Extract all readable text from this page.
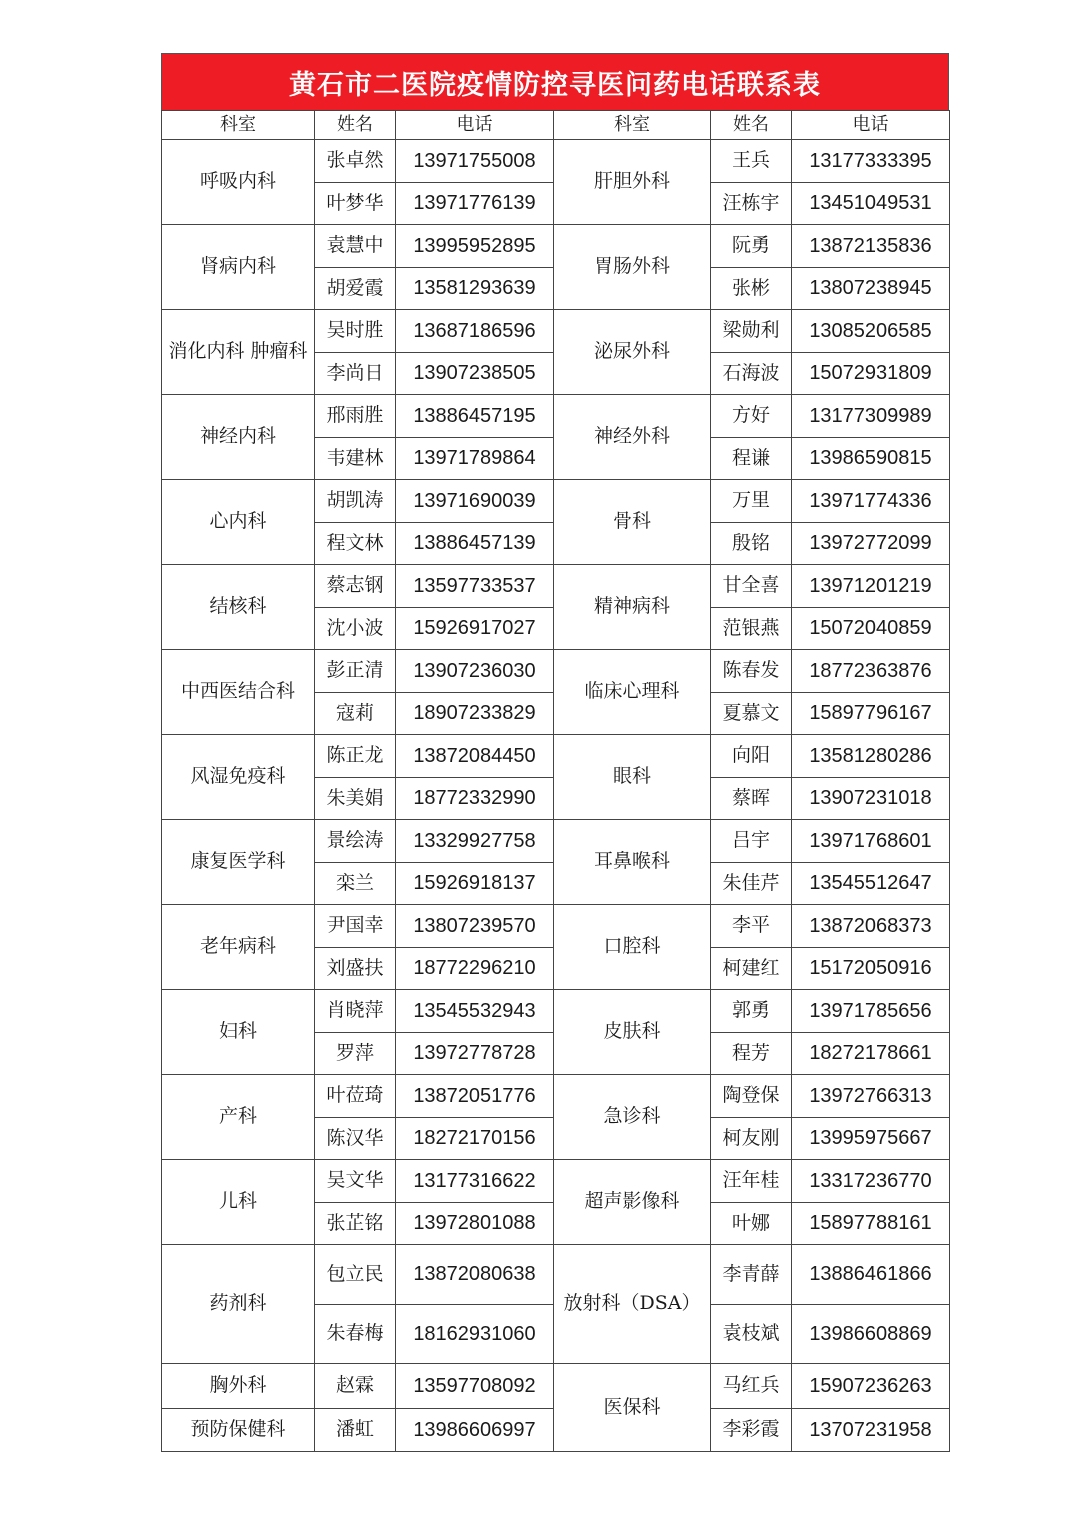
黄石市二医院疫情防控寻医问药电话联系表
科室	姓名	电话	科室	姓名	电话
呼吸内科	张卓然	13971755008	肝胆外科	王兵	13177333395
	叶梦华	13971776139		汪栋宇	13451049531
肾病内科	袁慧中	13995952895	胃肠外科	阮勇	13872135836
	胡爱霞	13581293639		张彬	13807238945
消化内科 肿瘤科	吴时胜	13687186596	泌尿外科	梁勋利	13085206585
	李尚日	13907238505		石海波	15072931809
神经内科	邢雨胜	13886457195	神经外科	方好	13177309989
	韦建林	13971789864		程谦	13986590815
心内科	胡凯涛	13971690039	骨科	万里	13971774336
	程文林	13886457139		殷铭	13972772099
结核科	蔡志钢	13597733537	精神病科	甘全喜	13971201219
	沈小波	15926917027		范银燕	15072040859
中西医结合科	彭正清	13907236030	临床心理科	陈春发	18772363876
	寇莉	18907233829		夏慕文	15897796167
风湿免疫科	陈正龙	13872084450	眼科	向阳	13581280286
	朱美娟	18772332990		蔡晖	13907231018
康复医学科	景绘涛	13329927758	耳鼻喉科	吕宇	13971768601
	栾兰	15926918137		朱佳芹	13545512647
老年病科	尹国幸	13807239570	口腔科	李平	13872068373
	刘盛扶	18772296210		柯建红	15172050916
妇科	肖晓萍	13545532943	皮肤科	郭勇	13971785656
	罗萍	13972778728		程芳	18272178661
产科	叶莅琦	13872051776	急诊科	陶登保	13972766313
	陈汉华	18272170156		柯友刚	13995975667
儿科	吴文华	13177316622	超声影像科	汪年桂	13317236770
	张芷铭	13972801088		叶娜	15897788161
药剂科	包立民	13872080638	放射科（DSA）	李青薛	13886461866
	朱春梅	18162931060		袁枝斌	13986608869
胸外科	赵霖	13597708092	医保科	马红兵	15907236263
预防保健科	潘虹	13986606997		李彩霞	13707231958
